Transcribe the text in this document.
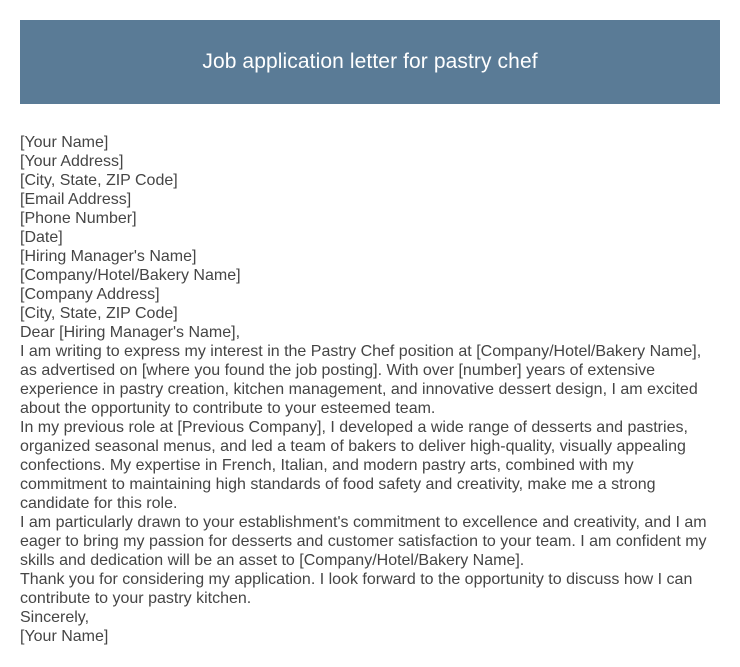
Job application letter for pastry chef
[Your Name]
[Your Address]
[City, State, ZIP Code]
[Email Address]
[Phone Number]
[Date]
[Hiring Manager's Name]
[Company/Hotel/Bakery Name]
[Company Address]
[City, State, ZIP Code]
Dear [Hiring Manager's Name],
I am writing to express my interest in the Pastry Chef position at [Company/Hotel/Bakery Name],
as advertised on [where you found the job posting]. With over [number] years of extensive
experience in pastry creation, kitchen management, and innovative dessert design, I am excited
about the opportunity to contribute to your esteemed team.
In my previous role at [Previous Company], I developed a wide range of desserts and pastries,
organized seasonal menus, and led a team of bakers to deliver high-quality, visually appealing
confections. My expertise in French, Italian, and modern pastry arts, combined with my
commitment to maintaining high standards of food safety and creativity, make me a strong
candidate for this role.
I am particularly drawn to your establishment's commitment to excellence and creativity, and I am
eager to bring my passion for desserts and customer satisfaction to your team. I am confident my
skills and dedication will be an asset to [Company/Hotel/Bakery Name].
Thank you for considering my application. I look forward to the opportunity to discuss how I can
contribute to your pastry kitchen.
Sincerely,
[Your Name]
